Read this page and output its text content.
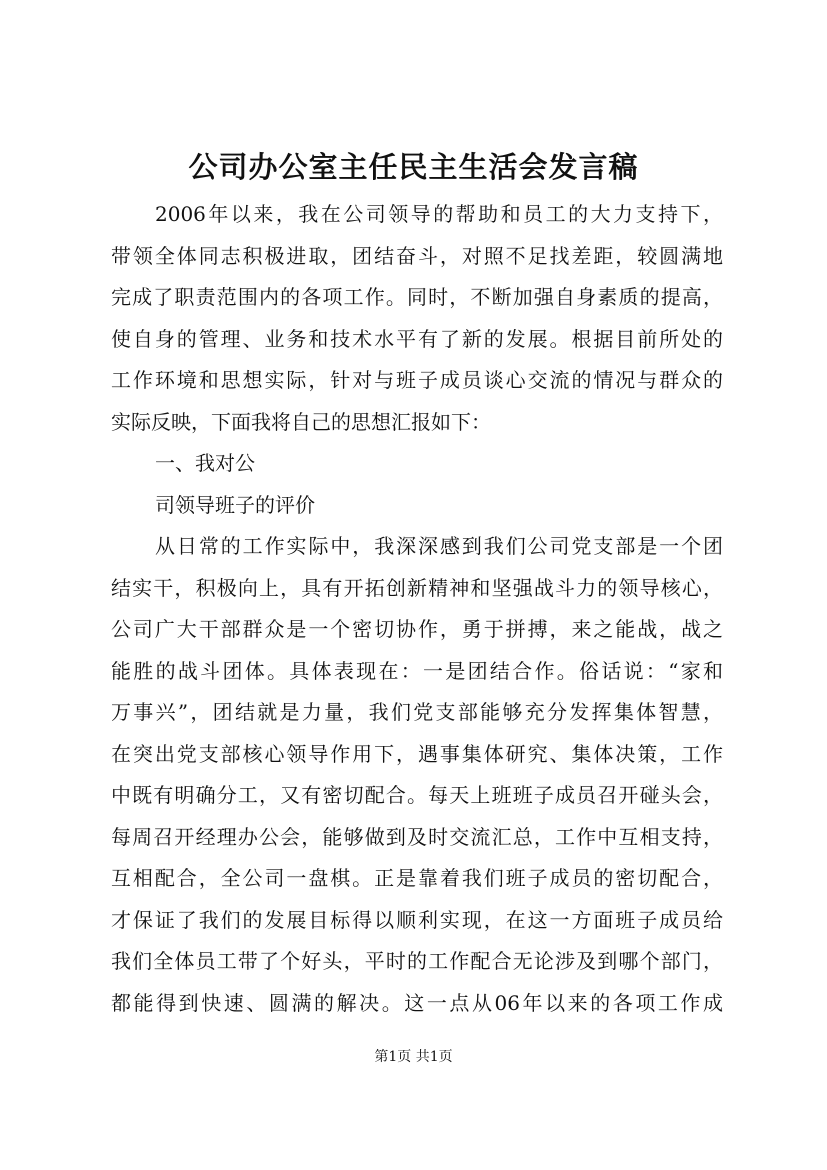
公司办公室主任民主生活会发言稿
2006年以来，我在公司领导的帮助和员工的大力支持下，
带领全体同志积极进取，团结奋斗，对照不足找差距，较圆满地
完成了职责范围内的各项工作。同时，不断加强自身素质的提高，
使自身的管理、业务和技术水平有了新的发展。根据目前所处的
工作环境和思想实际，针对与班子成员谈心交流的情况与群众的
实际反映，下面我将自己的思想汇报如下：
一、我对公
司领导班子的评价
从日常的工作实际中，我深深感到我们公司党支部是一个团
结实干，积极向上，具有开拓创新精神和坚强战斗力的领导核心，
公司广大干部群众是一个密切协作，勇于拼搏，来之能战，战之
能胜的战斗团体。具体表现在：一是团结合作。俗话说：“家和
万事兴”，团结就是力量，我们党支部能够充分发挥集体智慧，
在突出党支部核心领导作用下，遇事集体研究、集体决策，工作
中既有明确分工，又有密切配合。每天上班班子成员召开碰头会，
每周召开经理办公会，能够做到及时交流汇总，工作中互相支持，
互相配合，全公司一盘棋。正是靠着我们班子成员的密切配合，
才保证了我们的发展目标得以顺利实现，在这一方面班子成员给
我们全体员工带了个好头，平时的工作配合无论涉及到哪个部门，
都能得到快速、圆满的解决。这一点从06年以来的各项工作成
第1页 共1页
